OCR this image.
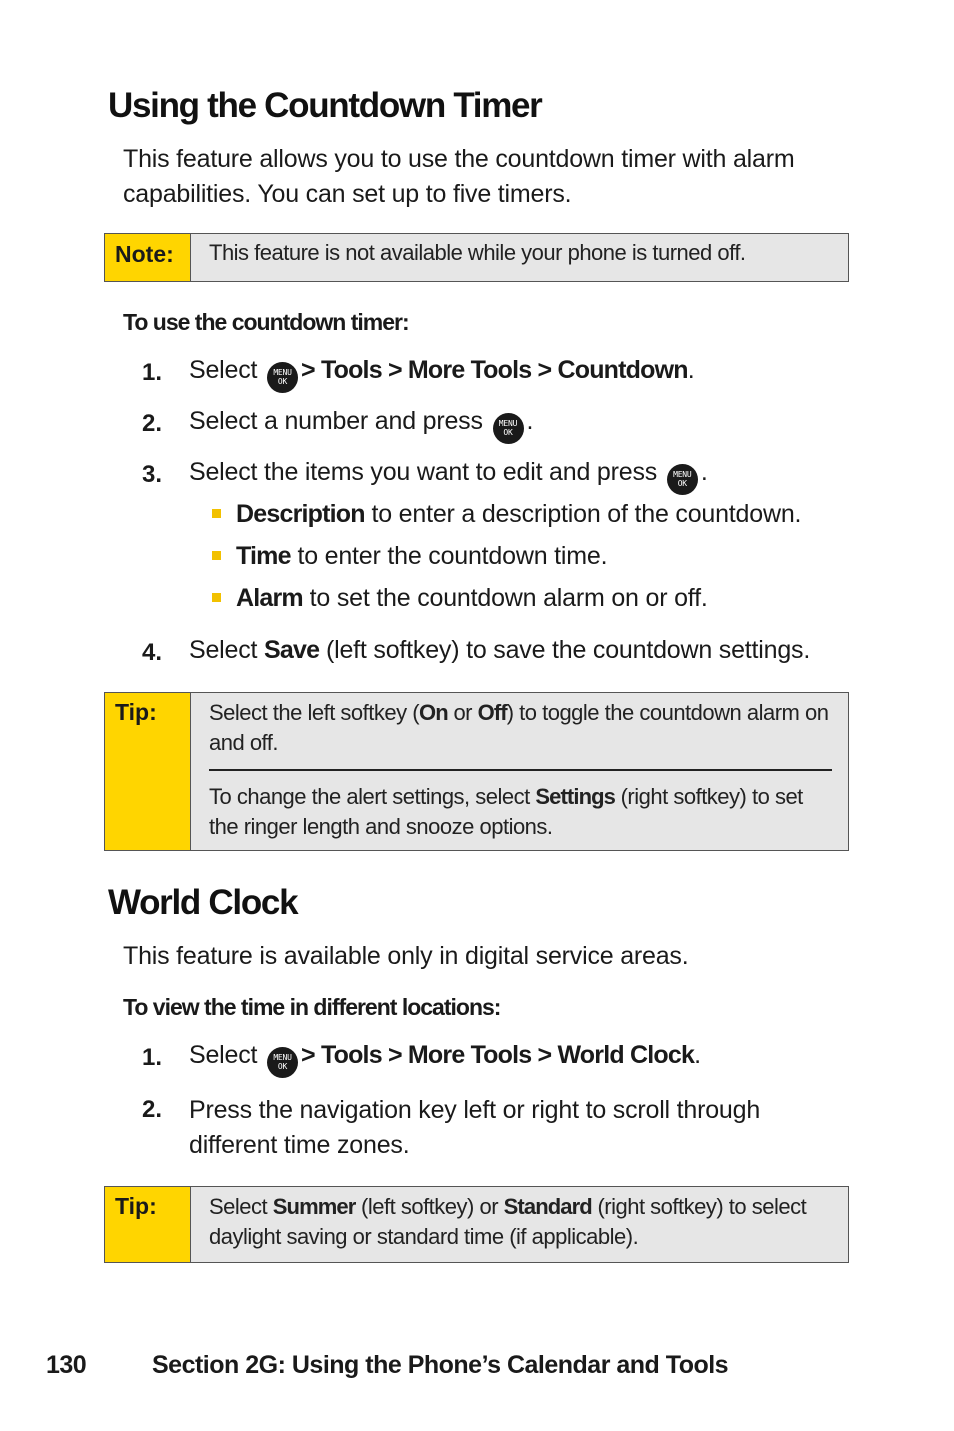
Using the Countdown Timer
This feature allows you to use the countdown timer with alarm capabilities. You can set up to five timers.
Note:	This feature is not available while your phone is turned off.
To use the countdown timer:
1. Select MENU
OK > Tools > More Tools > Countdown.
2. Select a number and press MENU
OK .
3. Select the items you want to edit and press MENU
OK .
Description to enter a description of the countdown.
Time to enter the countdown time.
Alarm to set the countdown alarm on or off.
4. Select Save (left softkey) to save the countdown settings.
Tip:	Select the left softkey (On or Off) to toggle the countdown alarm on and off.
To change the alert settings, select Settings (right softkey) to set the ringer length and snooze options.
World Clock
This feature is available only in digital service areas.
To view the time in different locations:
1. Select MENU
OK > Tools > More Tools > World Clock.
2. Press the navigation key left or right to scroll through different time zones.
Tip:	Select Summer (left softkey) or Standard (right softkey) to select daylight saving or standard time (if applicable).
130	Section 2G: Using the Phone’s Calendar and Tools
